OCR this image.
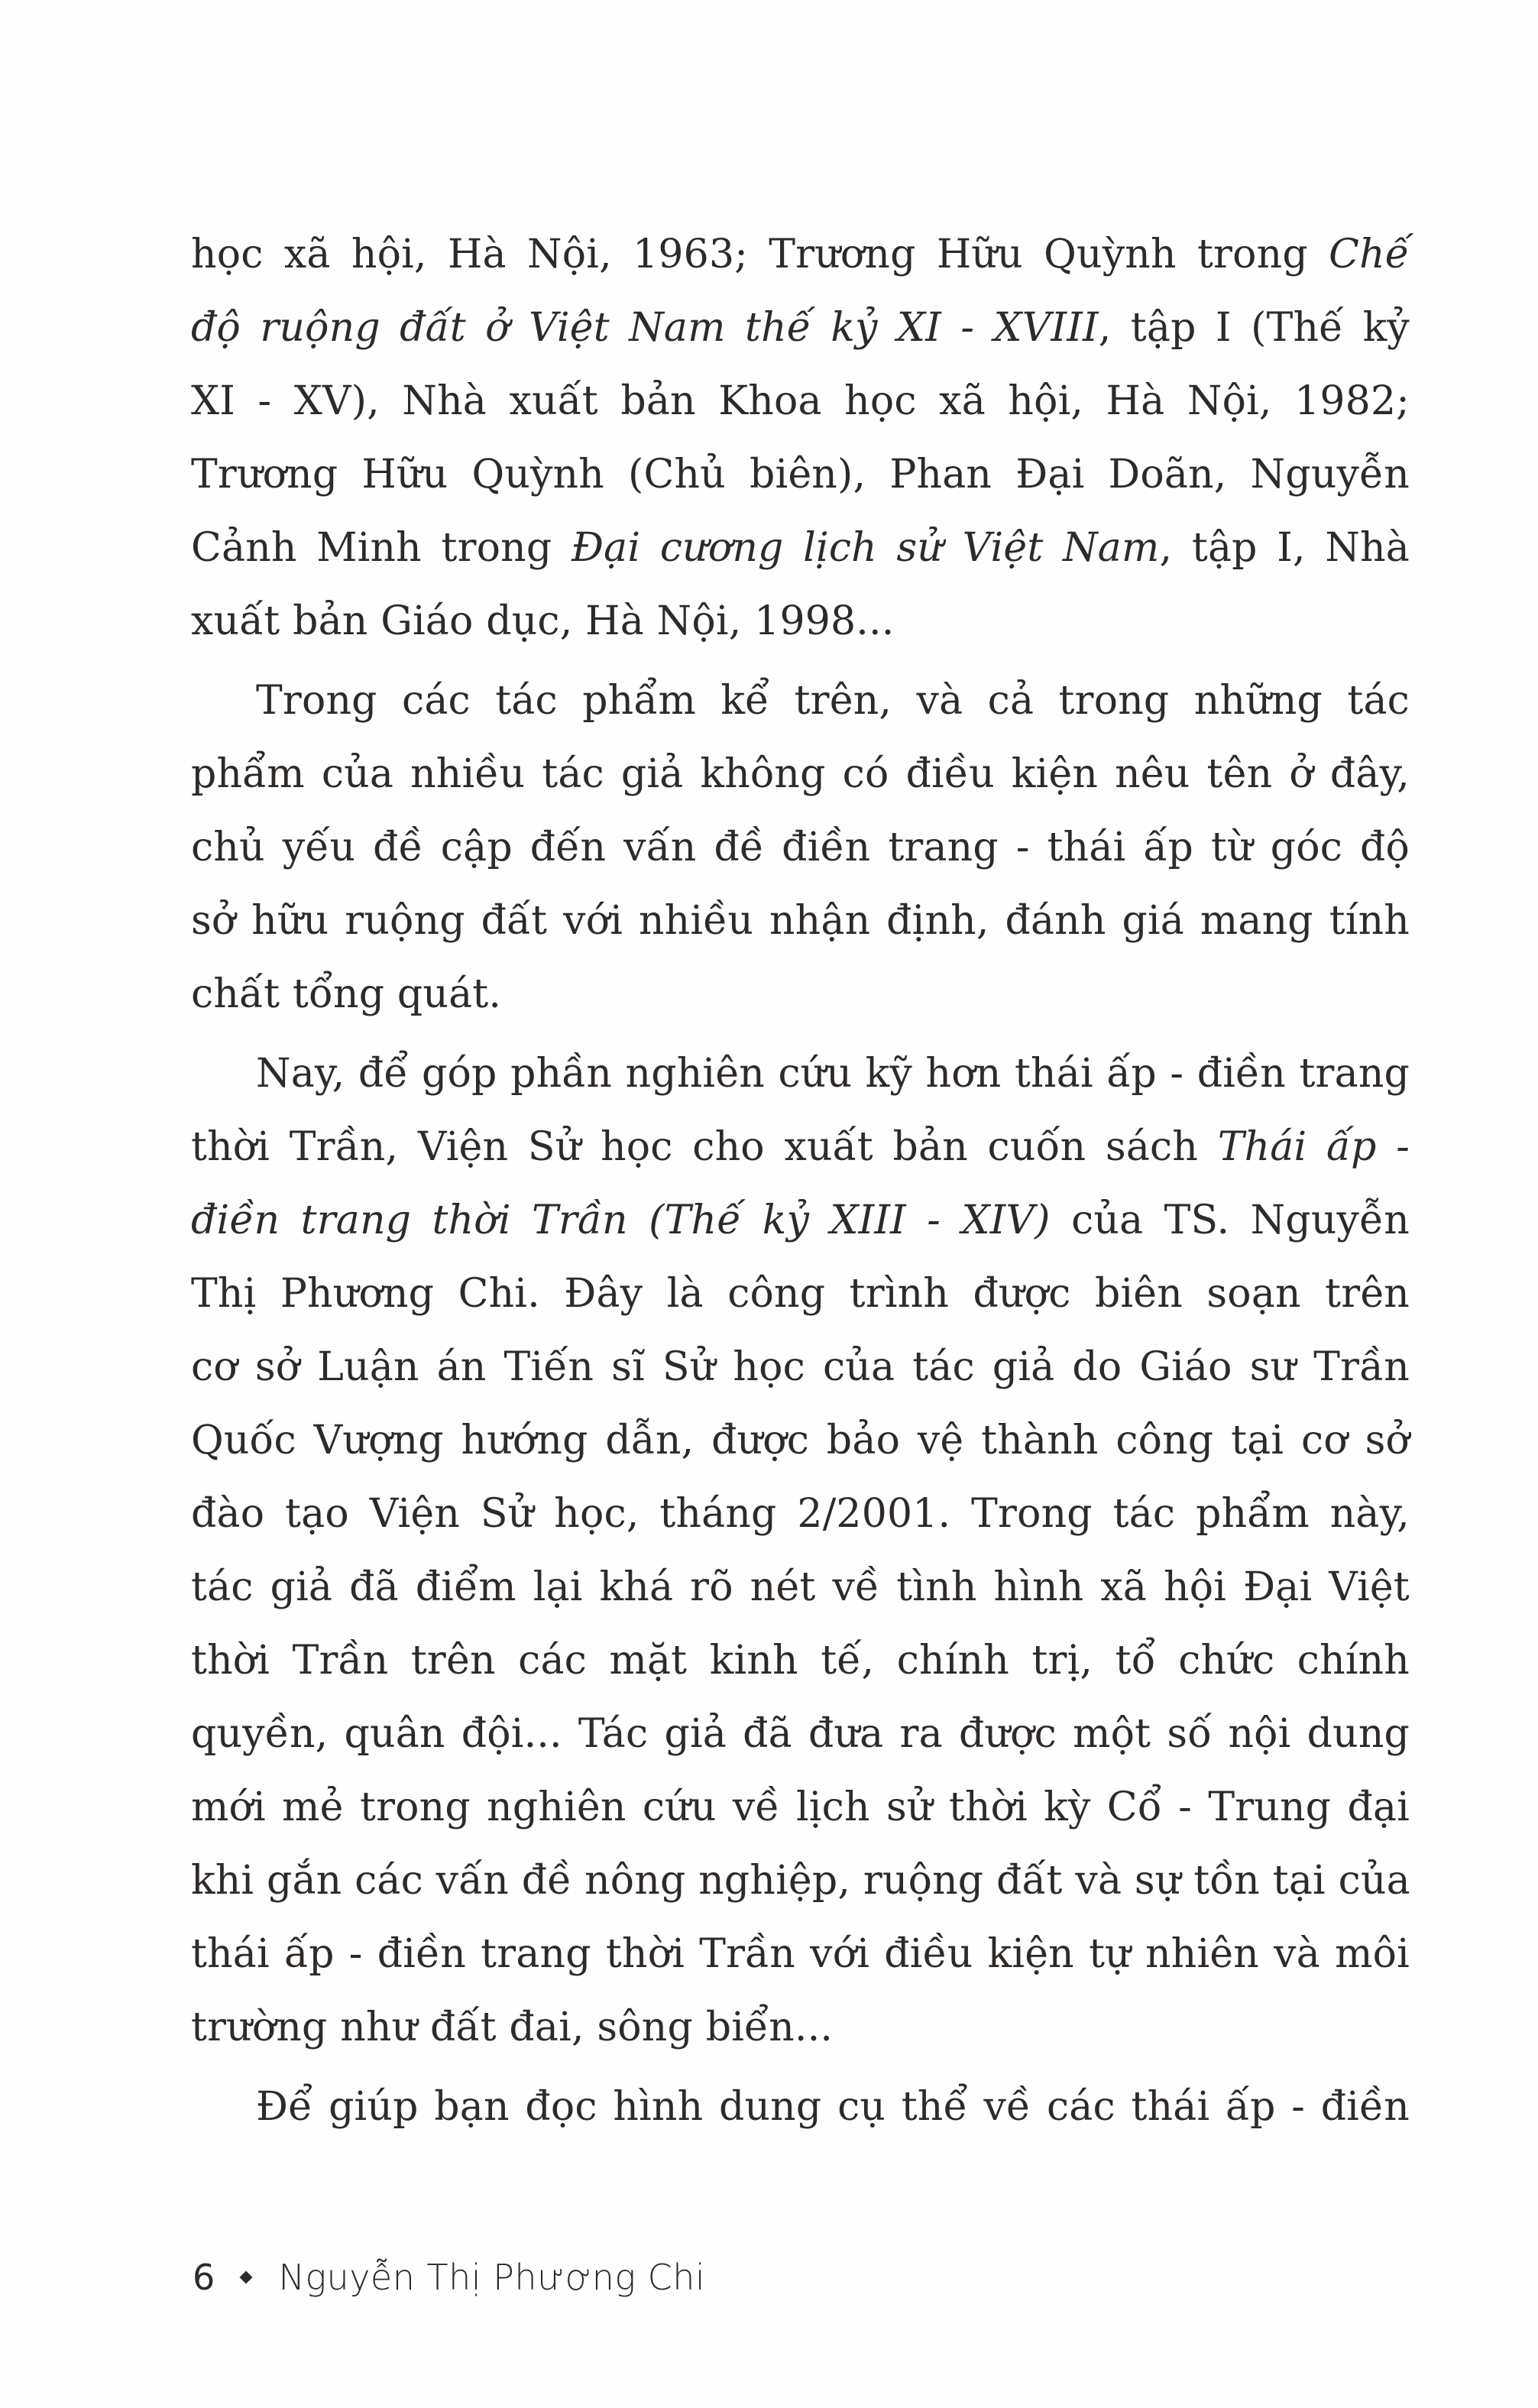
học xã hội, Hà Nội, 1963; Trương Hữu Quỳnh trong Chế
độ ruộng đất ở Việt Nam thế kỷ XI - XVIII, tập I (Thế kỷ
XI - XV), Nhà xuất bản Khoa học xã hội, Hà Nội, 1982;
Trương Hữu Quỳnh (Chủ biên), Phan Đại Doãn, Nguyễn
Cảnh Minh trong Đại cương lịch sử Việt Nam, tập I, Nhà
xuất bản Giáo dục, Hà Nội, 1998...
Trong các tác phẩm kể trên, và cả trong những tác
phẩm của nhiều tác giả không có điều kiện nêu tên ở đây,
chủ yếu đề cập đến vấn đề điền trang - thái ấp từ góc độ
sở hữu ruộng đất với nhiều nhận định, đánh giá mang tính
chất tổng quát.
Nay, để góp phần nghiên cứu kỹ hơn thái ấp - điền trang
thời Trần, Viện Sử học cho xuất bản cuốn sách Thái ấp -
điền trang thời Trần (Thế kỷ XIII - XIV) của TS. Nguyễn
Thị Phương Chi. Đây là công trình được biên soạn trên
cơ sở Luận án Tiến sĩ Sử học của tác giả do Giáo sư Trần
Quốc Vượng hướng dẫn, được bảo vệ thành công tại cơ sở
đào tạo Viện Sử học, tháng 2/2001. Trong tác phẩm này,
tác giả đã điểm lại khá rõ nét về tình hình xã hội Đại Việt
thời Trần trên các mặt kinh tế, chính trị, tổ chức chính
quyền, quân đội... Tác giả đã đưa ra được một số nội dung
mới mẻ trong nghiên cứu về lịch sử thời kỳ Cổ - Trung đại
khi gắn các vấn đề nông nghiệp, ruộng đất và sự tồn tại của
thái ấp - điền trang thời Trần với điều kiện tự nhiên và môi
trường như đất đai, sông biển...
Để giúp bạn đọc hình dung cụ thể về các thái ấp - điền
6 Nguyễn Thị Phương Chi
